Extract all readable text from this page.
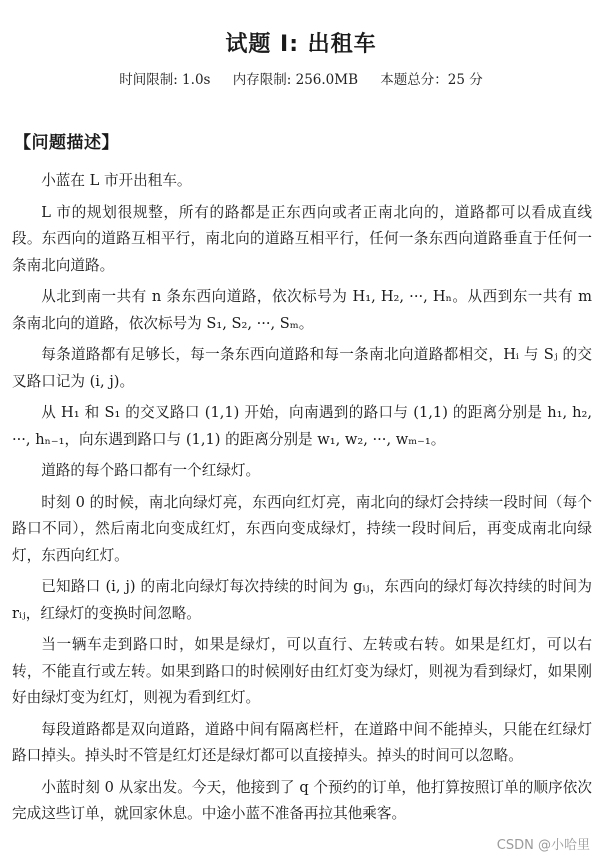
试题 I: 出租车
时间限制: 1.0s 内存限制: 256.0MB 本题总分：25 分
【问题描述】

小蓝在 L 市开出租车。

L 市的规划很规整，所有的路都是正东西向或者正南北向的，道路都可以看成直线段。东西向的道路互相平行，南北向的道路互相平行，任何一条东西向道路垂直于任何一条南北向道路。

从北到南一共有 n 条东西向道路，依次标号为 H₁, H₂, ···, Hₙ。从西到东一共有 m 条南北向的道路，依次标号为 S₁, S₂, ···, Sₘ。

每条道路都有足够长，每一条东西向道路和每一条南北向道路都相交，Hᵢ 与 Sⱼ 的交叉路口记为 (i, j)。

从 H₁ 和 S₁ 的交叉路口 (1,1) 开始，向南遇到的路口与 (1,1) 的距离分别是 h₁, h₂, ···, hₙ₋₁，向东遇到路口与 (1,1) 的距离分别是 w₁, w₂, ···, wₘ₋₁。

道路的每个路口都有一个红绿灯。

时刻 0 的时候，南北向绿灯亮，东西向红灯亮，南北向的绿灯会持续一段时间（每个路口不同），然后南北向变成红灯，东西向变成绿灯，持续一段时间后，再变成南北向绿灯，东西向红灯。

已知路口 (i, j) 的南北向绿灯每次持续的时间为 gᵢⱼ，东西向的绿灯每次持续的时间为 rᵢⱼ，红绿灯的变换时间忽略。

当一辆车走到路口时，如果是绿灯，可以直行、左转或右转。如果是红灯，可以右转，不能直行或左转。如果到路口的时候刚好由红灯变为绿灯，则视为看到绿灯，如果刚好由绿灯变为红灯，则视为看到红灯。

每段道路都是双向道路，道路中间有隔离栏杆，在道路中间不能掉头，只能在红绿灯路口掉头。掉头时不管是红灯还是绿灯都可以直接掉头。掉头的时间可以忽略。

小蓝时刻 0 从家出发。今天，他接到了 q 个预约的订单，他打算按照订单的顺序依次完成这些订单，就回家休息。中途小蓝不准备再拉其他乘客。

CSDN @小哈里
